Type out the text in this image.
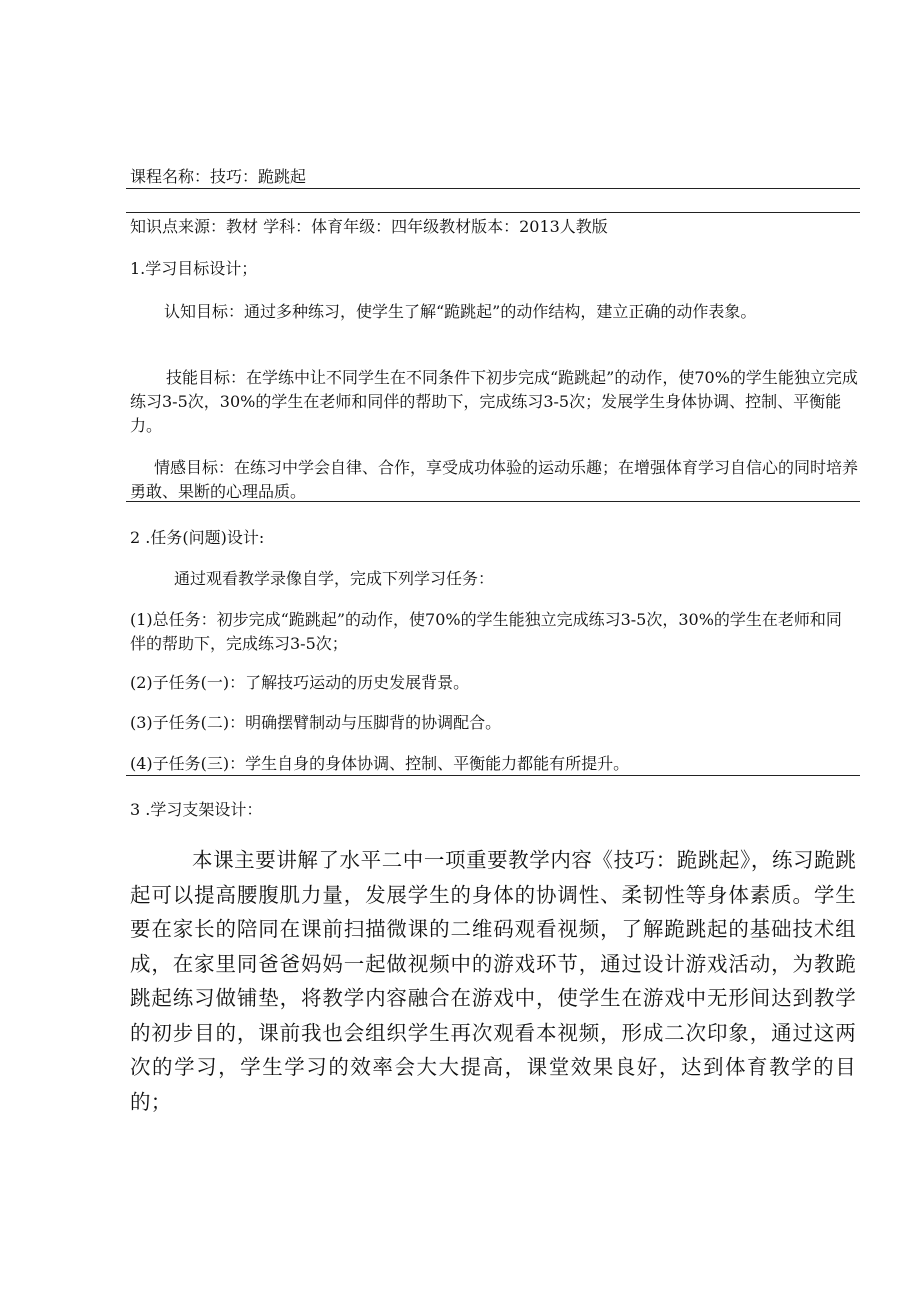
课程名称：技巧：跪跳起
知识点来源：教材 学科：体育年级：四年级教材版本：2013人教版
1.学习目标设计；
认知目标：通过多种练习，使学生了解“跪跳起”的动作结构，建立正确的动作表象。
技能目标：在学练中让不同学生在不同条件下初步完成“跪跳起”的动作，使70%的学生能独立完成练习3-5次，30%的学生在老师和同伴的帮助下，完成练习3-5次；发展学生身体协调、控制、平衡能力。
情感目标：在练习中学会自律、合作，享受成功体验的运动乐趣；在增强体育学习自信心的同时培养勇敢、果断的心理品质。
2 .任务(问题)设计:
通过观看教学录像自学，完成下列学习任务：
(1)总任务：初步完成“跪跳起”的动作，使70%的学生能独立完成练习3-5次，30%的学生在老师和同伴的帮助下，完成练习3-5次；
(2)子任务(一)：了解技巧运动的历史发展背景。
(3)子任务(二)：明确摆臂制动与压脚背的协调配合。
(4)子任务(三)：学生自身的身体协调、控制、平衡能力都能有所提升。
3 .学习支架设计：
本课主要讲解了水平二中一项重要教学内容《技巧：跪跳起》，练习跪跳起可以提高腰腹肌力量，发展学生的身体的协调性、柔韧性等身体素质。学生要在家长的陪同在课前扫描微课的二维码观看视频，了解跪跳起的基础技术组成，在家里同爸爸妈妈一起做视频中的游戏环节，通过设计游戏活动，为教跪跳起练习做铺垫，将教学内容融合在游戏中，使学生在游戏中无形间达到教学的初步目的，课前我也会组织学生再次观看本视频，形成二次印象，通过这两次的学习，学生学习的效率会大大提高，课堂效果良好，达到体育教学的目的；
